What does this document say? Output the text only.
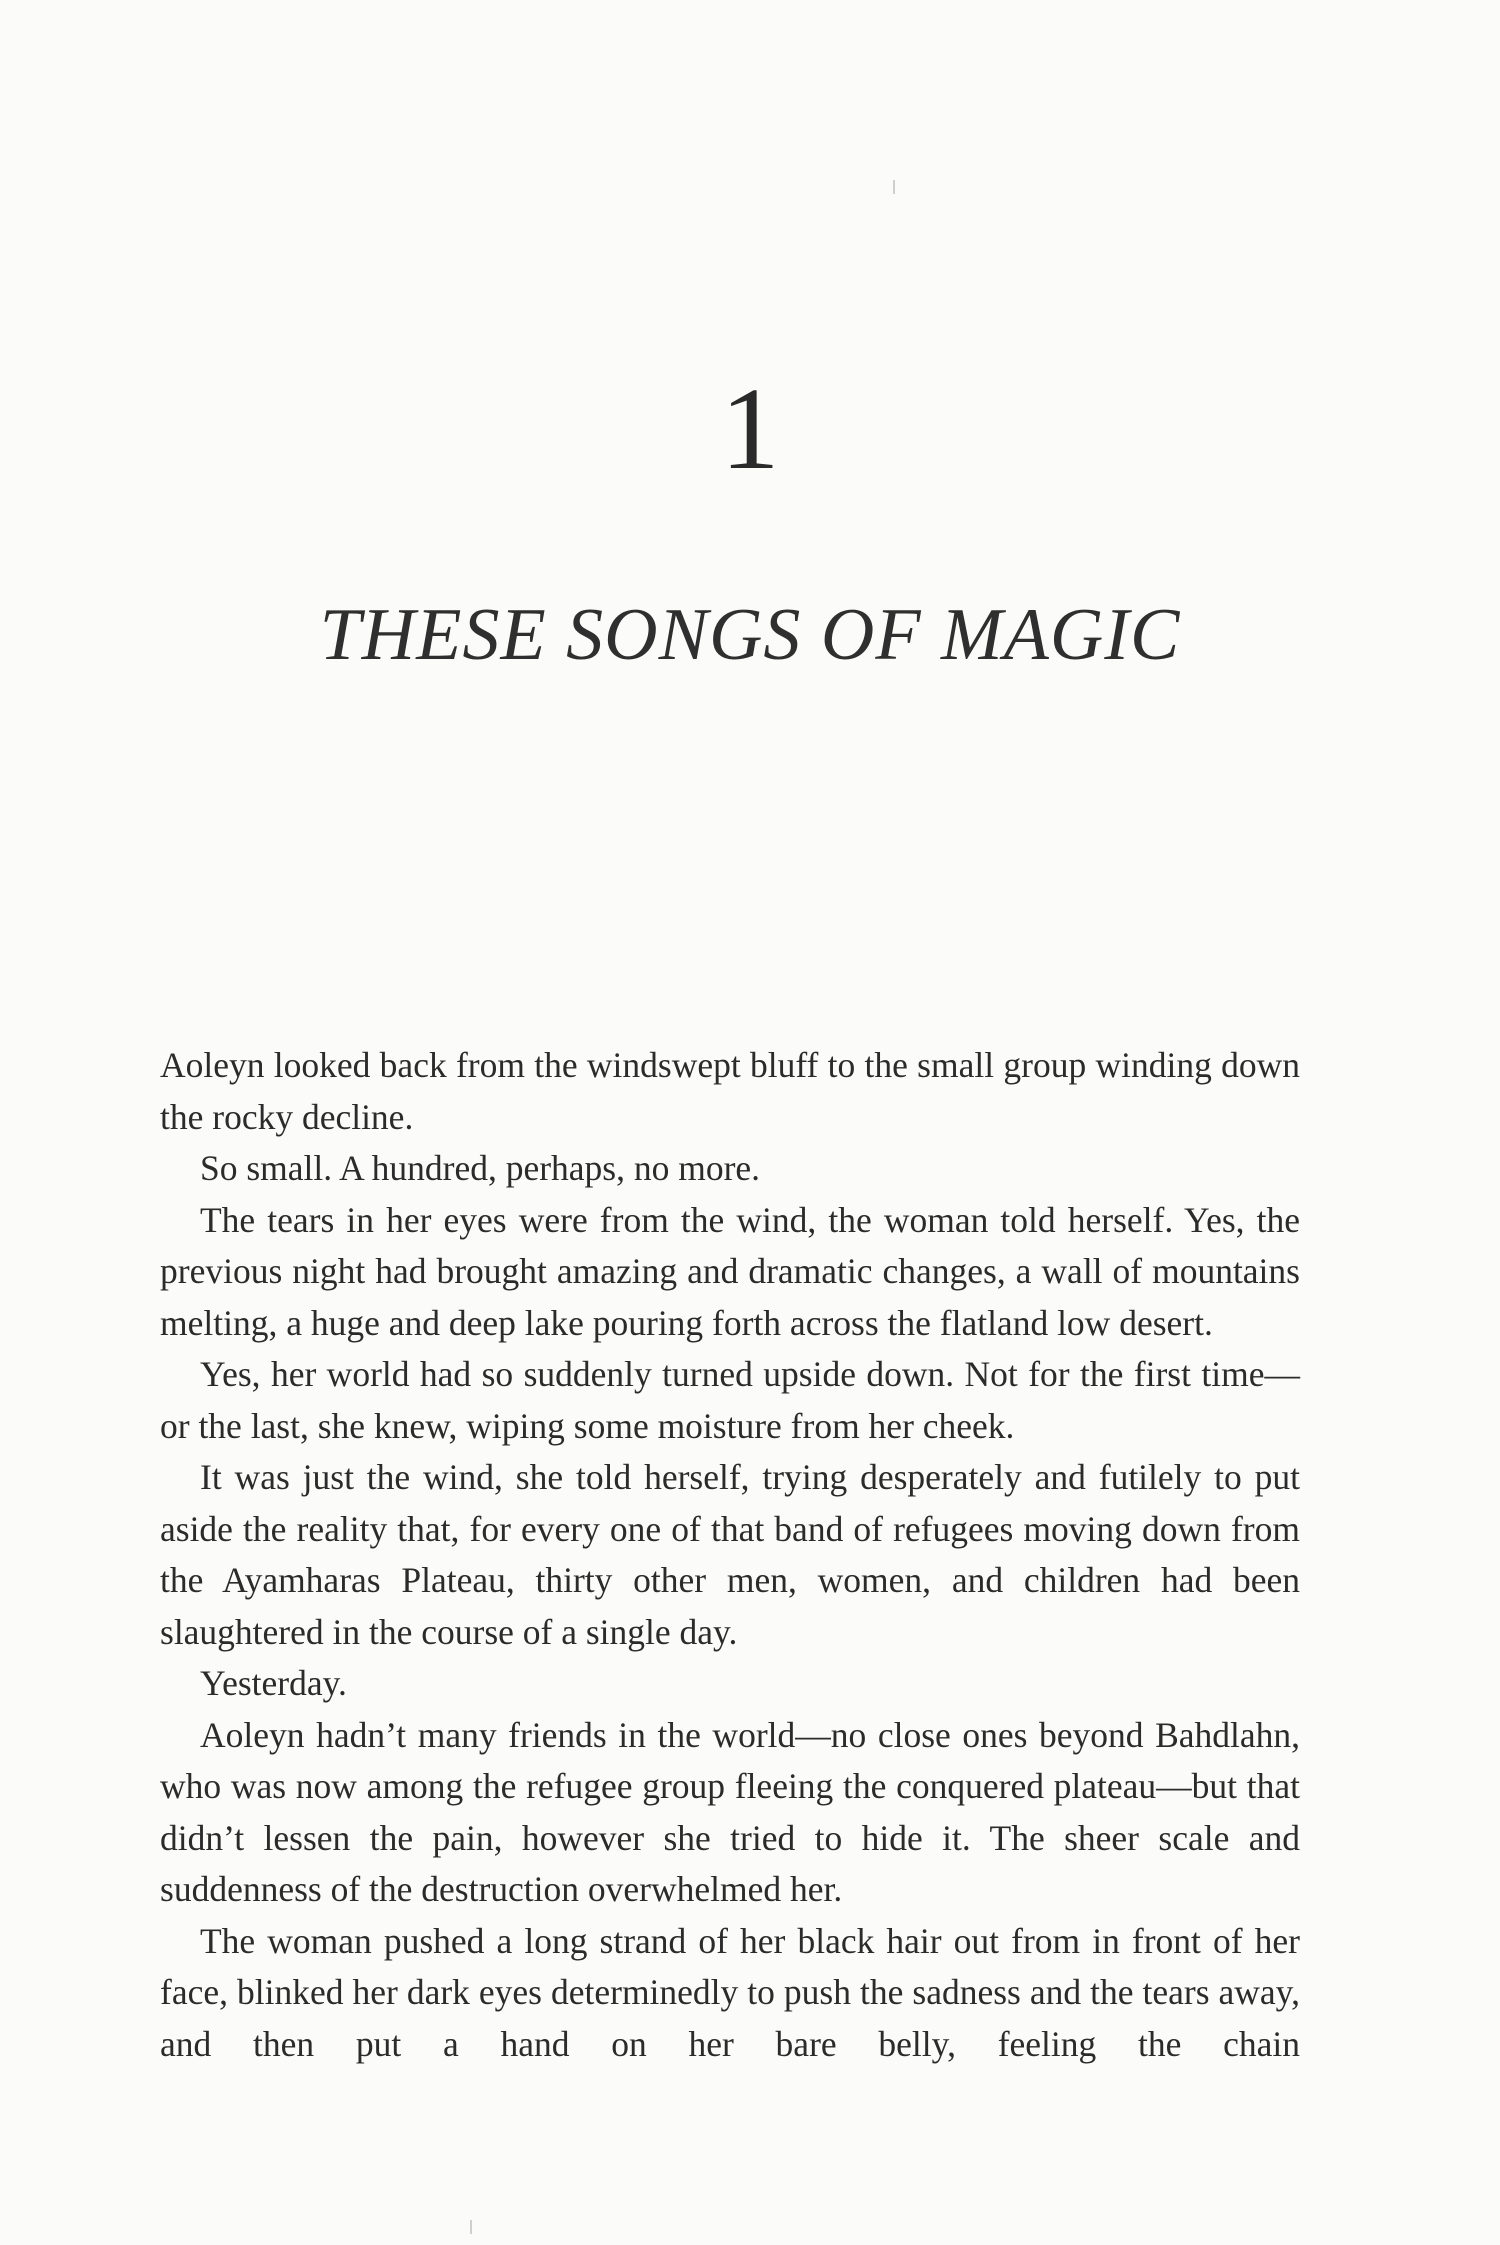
1
THESE SONGS OF MAGIC

Aoleyn looked back from the windswept bluff to the small group winding down the rocky decline.

So small. A hundred, perhaps, no more.

The tears in her eyes were from the wind, the woman told herself. Yes, the previous night had brought amazing and dramatic changes, a wall of mountains melting, a huge and deep lake pouring forth across the flatland low desert.

Yes, her world had so suddenly turned upside down. Not for the first time—or the last, she knew, wiping some moisture from her cheek.

It was just the wind, she told herself, trying desperately and futilely to put aside the reality that, for every one of that band of refugees moving down from the Ayamharas Plateau, thirty other men, women, and children had been slaughtered in the course of a single day.

Yesterday.

Aoleyn hadn’t many friends in the world—no close ones beyond Bahdlahn, who was now among the refugee group fleeing the conquered plateau—but that didn’t lessen the pain, however she tried to hide it. The sheer scale and suddenness of the destruction overwhelmed her.

The woman pushed a long strand of her black hair out from in front of her face, blinked her dark eyes determinedly to push the sadness and the tears away, and then put a hand on her bare belly, feeling the chain
